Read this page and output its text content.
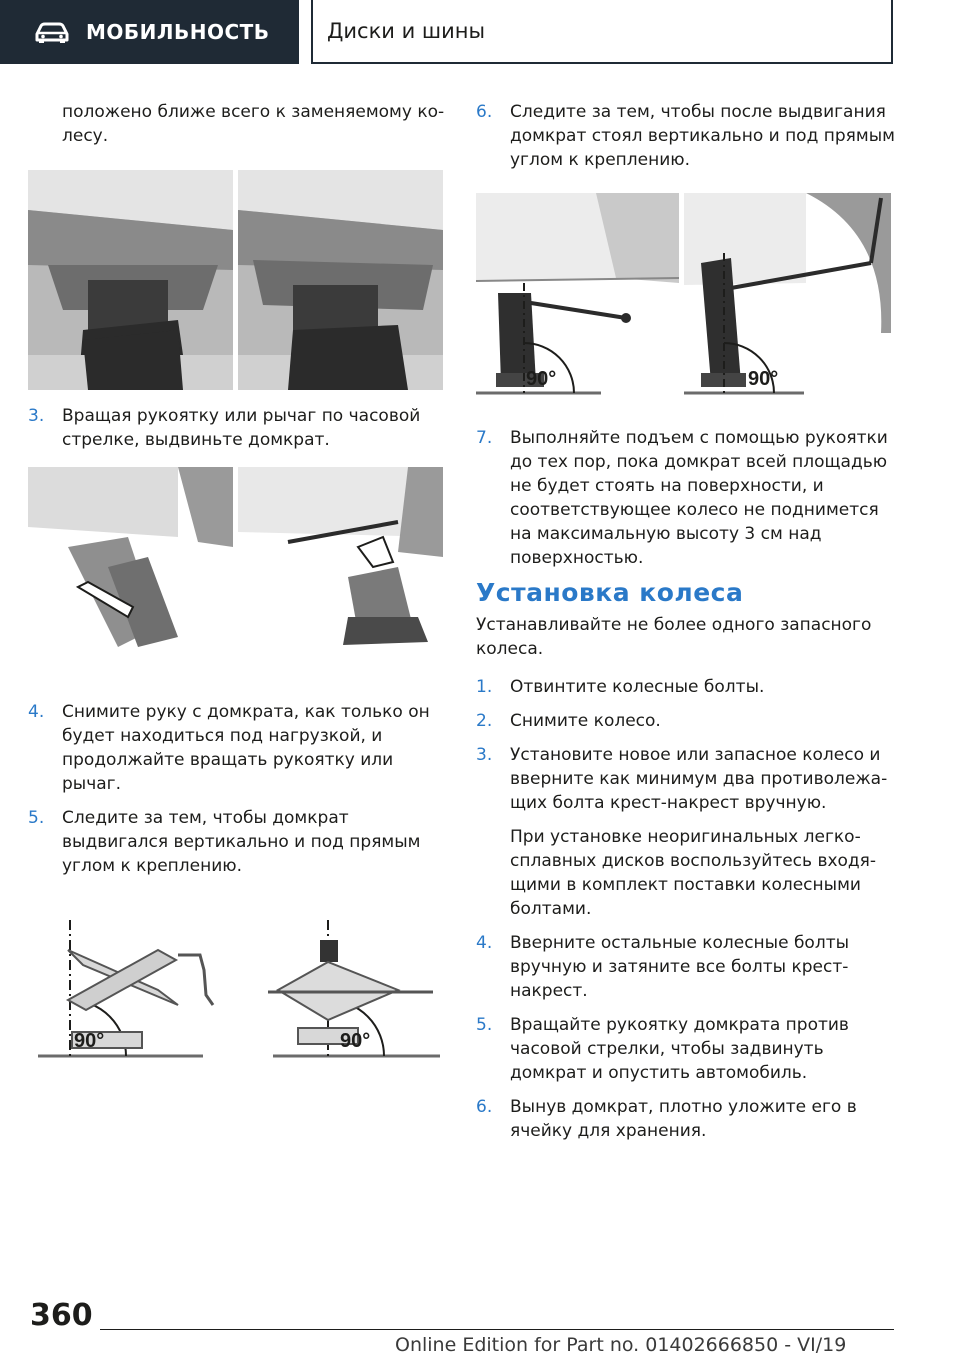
МОБИЛЬНОСТЬ	Диски и шины

положено ближе всего к заменяемому колесу.

3. Вращая рукоятку или рычаг по часовой стрелке, выдвиньте домкрат.

4. Снимите руку с домкрата, как только он будет находиться под нагрузкой, и продолжайте вращать рукоятку или рычаг.

5. Следите за тем, чтобы домкрат выдвигался вертикально и под прямым углом к креплению.

90°	90°

6. Следите за тем, чтобы после выдвигания домкрат стоял вертикально и под прямым углом к креплению.

90°	90°

7. Выполняйте подъем с помощью рукоятки до тех пор, пока домкрат всей площадью не будет стоять на поверхности, и соответствующее колесо не поднимется на максимальную высоту 3 см над поверхностью.

Установка колеса

Устанавливайте не более одного запасного колеса.

1. Отвинтите колесные болты.

2. Снимите колесо.

3. Установите новое или запасное колесо и вверните как минимум два противолежащих болта крест-накрест вручную.

При установке неоригинальных легкосплавных дисков воспользуйтесь входящими в комплект поставки колесными болтами.

4. Вверните остальные колесные болты вручную и затяните все болты крест-накрест.

5. Вращайте рукоятку домкрата против часовой стрелки, чтобы задвинуть домкрат и опустить автомобиль.

6. Вынув домкрат, плотно уложите его в ячейку для хранения.

360
Online Edition for Part no. 01402666850 - VI/19
